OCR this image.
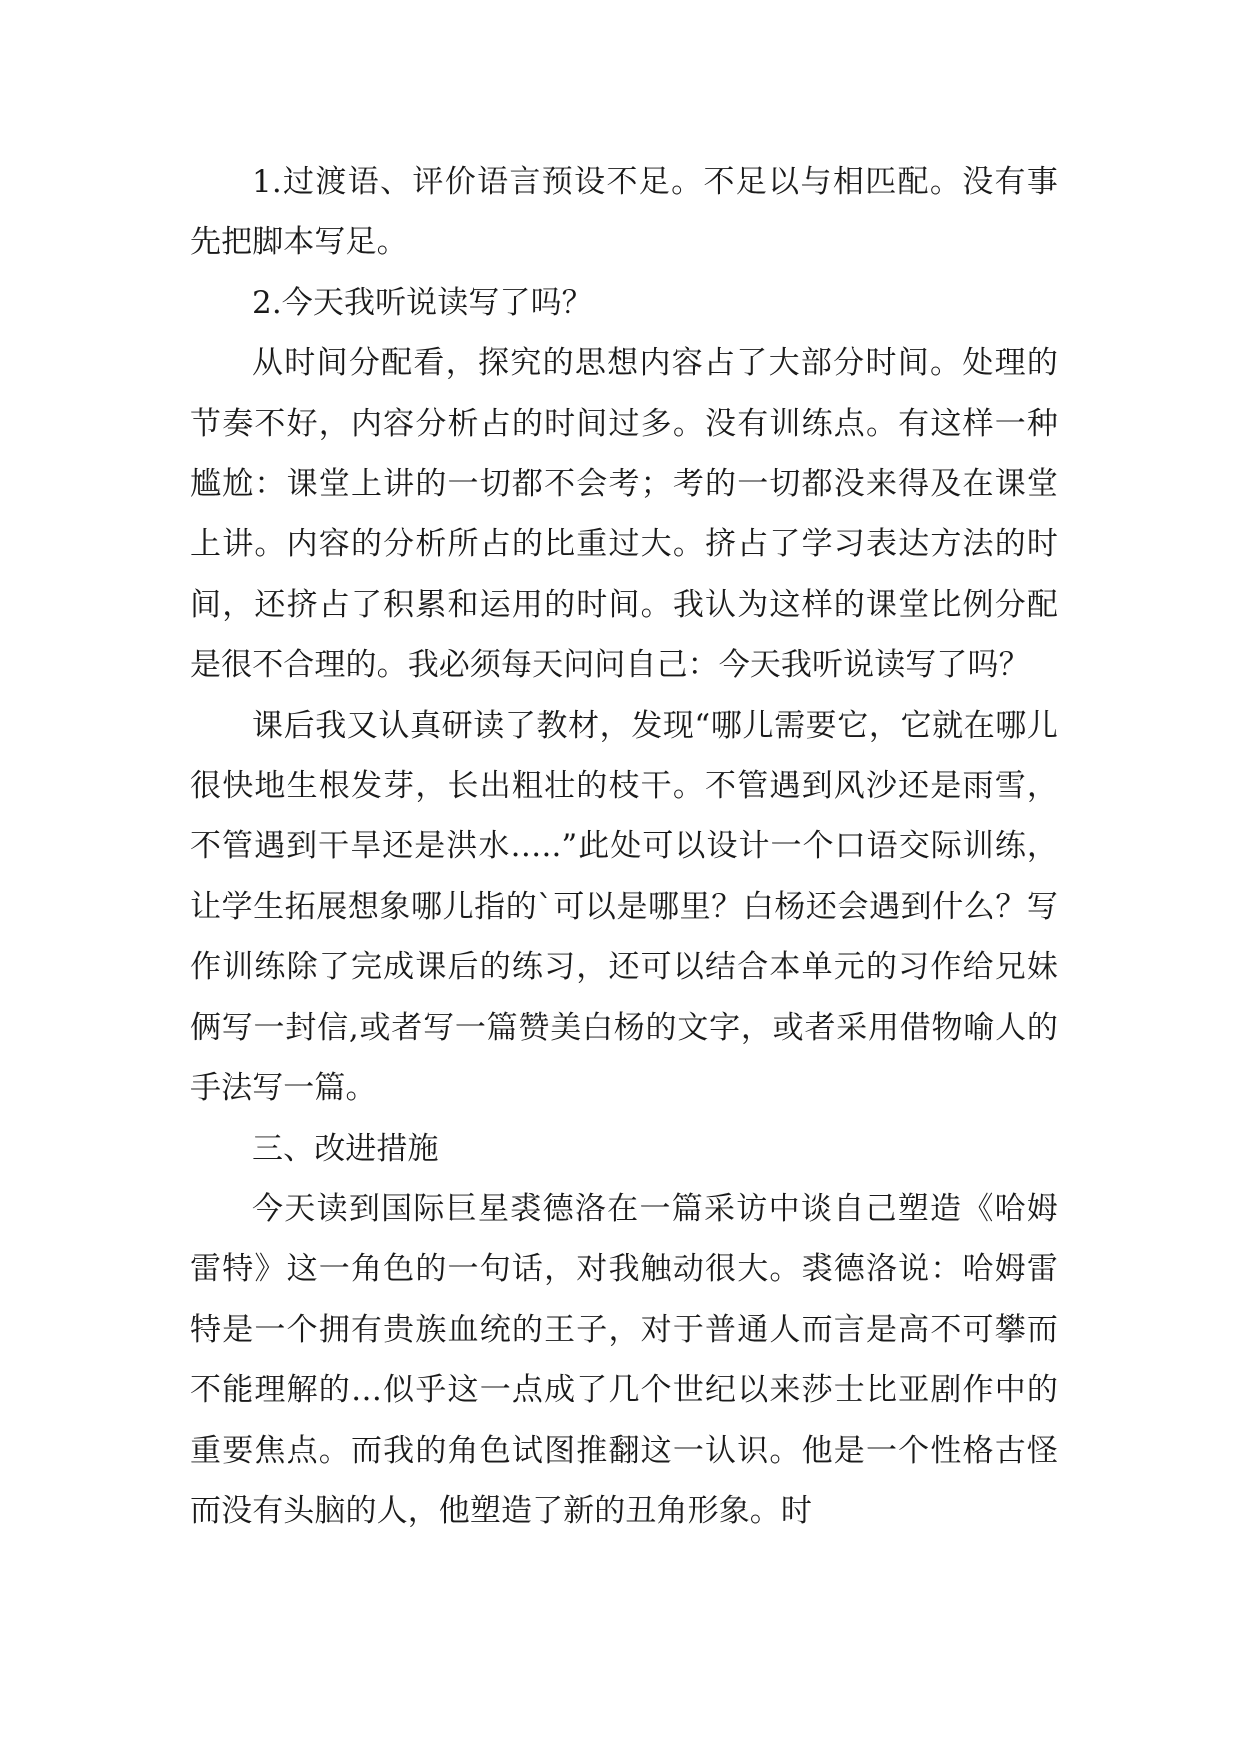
1.过渡语、评价语言预设不足。不足以与相匹配。没有事先把脚本写足。

2.今天我听说读写了吗？

从时间分配看，探究的思想内容占了大部分时间。处理的节奏不好，内容分析占的时间过多。没有训练点。有这样一种尴尬：课堂上讲的一切都不会考；考的一切都没来得及在课堂上讲。内容的分析所占的比重过大。挤占了学习表达方法的时间，还挤占了积累和运用的时间。我认为这样的课堂比例分配是很不合理的。我必须每天问问自己：今天我听说读写了吗？

课后我又认真研读了教材，发现“哪儿需要它，它就在哪儿很快地生根发芽，长出粗壮的枝干。不管遇到风沙还是雨雪，不管遇到干旱还是洪水…..”此处可以设计一个口语交际训练，让学生拓展想象哪儿指的`可以是哪里？白杨还会遇到什么？写作训练除了完成课后的练习，还可以结合本单元的习作给兄妹俩写一封信,或者写一篇赞美白杨的文字，或者采用借物喻人的手法写一篇。

三、改进措施

今天读到国际巨星裘德洛在一篇采访中谈自己塑造《哈姆雷特》这一角色的一句话，对我触动很大。裘德洛说：哈姆雷特是一个拥有贵族血统的王子，对于普通人而言是高不可攀而不能理解的…似乎这一点成了几个世纪以来莎士比亚剧作中的重要焦点。而我的角色试图推翻这一认识。他是一个性格古怪而没有头脑的人，他塑造了新的丑角形象。时
